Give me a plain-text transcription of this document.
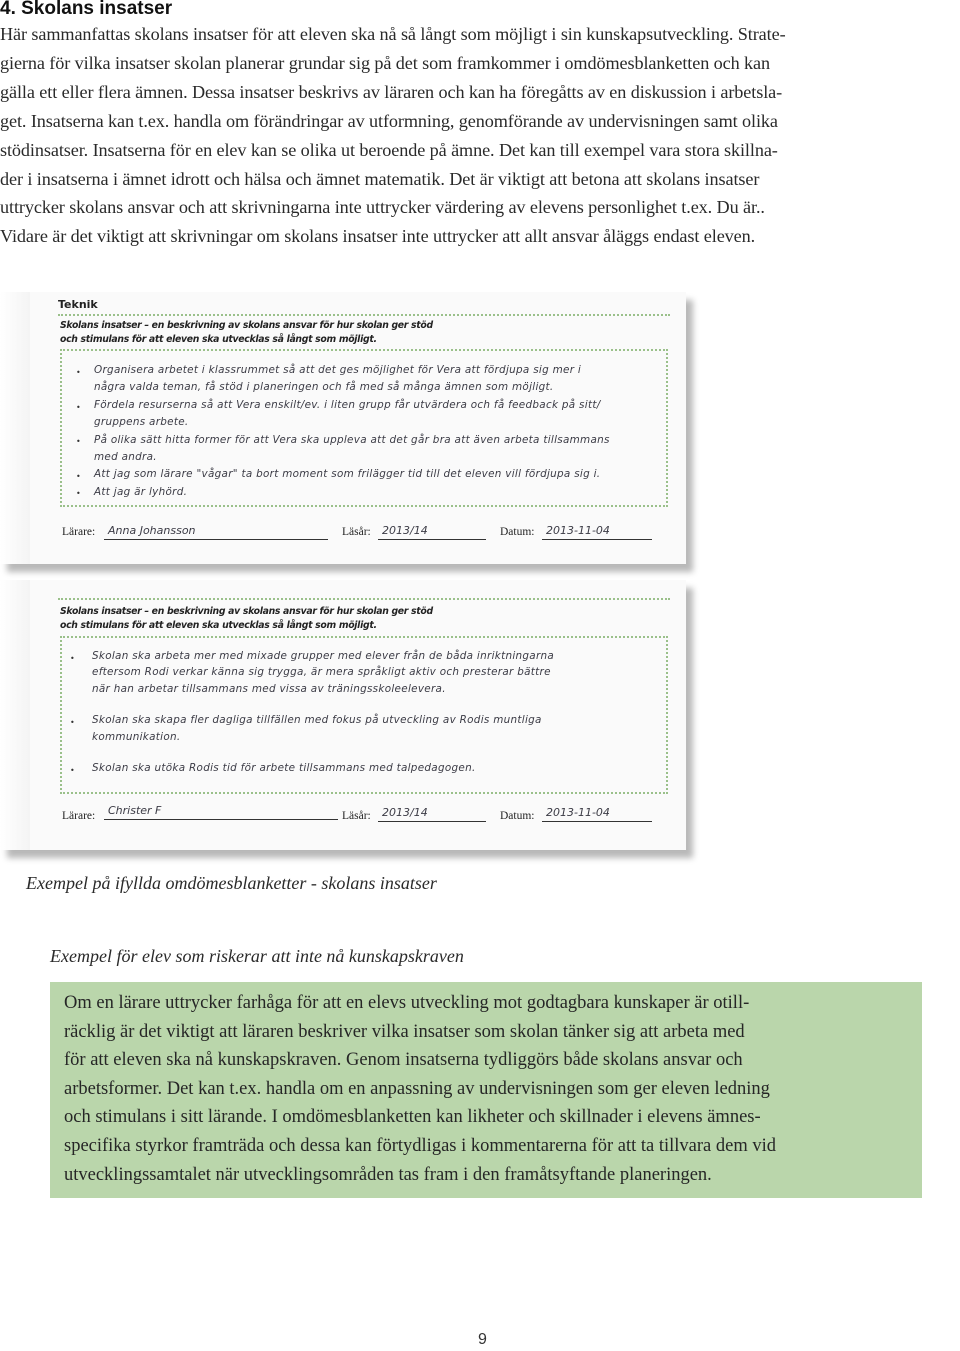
4. Skolans insatser
Här sammanfattas skolans insatser för att eleven ska nå så långt som möjligt i sin kunskapsutveckling. Strate-
gierna för vilka insatser skolan planerar grundar sig på det som framkommer i omdömesblanketten och kan
gälla ett eller flera ämnen. Dessa insatser beskrivs av läraren och kan ha föregåtts av en diskussion i arbetsla-
get. Insatserna kan t.ex. handla om förändringar av utformning, genomförande av undervisningen samt olika
stödinsatser. Insatserna för en elev kan se olika ut beroende på ämne. Det kan till exempel vara stora skillna-
der i insatserna i ämnet idrott och hälsa och ämnet matematik. Det är viktigt att betona att skolans insatser
uttrycker skolans ansvar och att skrivningarna inte uttrycker värdering av elevens personlighet t.ex. Du är..
Vidare är det viktigt att skrivningar om skolans insatser inte uttrycker att allt ansvar åläggs endast eleven.
Teknik
Skolans insatser – en beskrivning av skolans ansvar för hur skolan ger stöd
och stimulans för att eleven ska utvecklas så långt som möjligt.
•
•
•
•
•
Organisera arbetet i klassrummet så att det ges möjlighet för Vera att fördjupa sig mer i
några valda teman, få stöd i planeringen och få med så många ämnen som möjligt.
Fördela resurserna så att Vera enskilt/ev. i liten grupp får utvärdera och få feedback på sitt/
gruppens arbete.
På olika sätt hitta former för att Vera ska uppleva att det går bra att även arbeta tillsammans
med andra.
Att jag som lärare "vågar" ta bort moment som frilägger tid till det eleven vill fördjupa sig i.
Att jag är lyhörd.
Lärare:	Anna Johansson	Läsår:	2013/14	Datum:	2013-11-04
Skolans insatser – en beskrivning av skolans ansvar för hur skolan ger stöd
och stimulans för att eleven ska utvecklas så långt som möjligt.
•
•
•
Skolan ska arbeta mer med mixade grupper med elever från de båda inriktningarna
eftersom Rodi verkar känna sig trygga, är mera språkligt aktiv och presterar bättre
när han arbetar tillsammans med vissa av träningsskoleelevera.
Skolan ska skapa fler dagliga tillfällen med fokus på utveckling av Rodis muntliga
kommunikation.
Skolan ska utöka Rodis tid för arbete tillsammans med talpedagogen.
Lärare:	Christer F	Läsår:	2013/14	Datum:	2013-11-04
Exempel på ifyllda omdömesblanketter - skolans insatser
Exempel för elev som riskerar att inte nå kunskapskraven
Om en lärare uttrycker farhåga för att en elevs utveckling mot godtagbara kunskaper är otill-
räcklig är det viktigt att läraren beskriver vilka insatser som skolan tänker sig att arbeta med
för att eleven ska nå kunskapskraven. Genom insatserna tydliggörs både skolans ansvar och
arbetsformer. Det kan t.ex. handla om en anpassning av undervisningen som ger eleven ledning
och stimulans i sitt lärande. I omdömesblanketten kan likheter och skillnader i elevens ämnes-
specifika styrkor framträda och dessa kan förtydligas i kommentarerna för att ta tillvara dem vid
utvecklingssamtalet när utvecklingsområden tas fram i den framåtsyftande planeringen.
9
